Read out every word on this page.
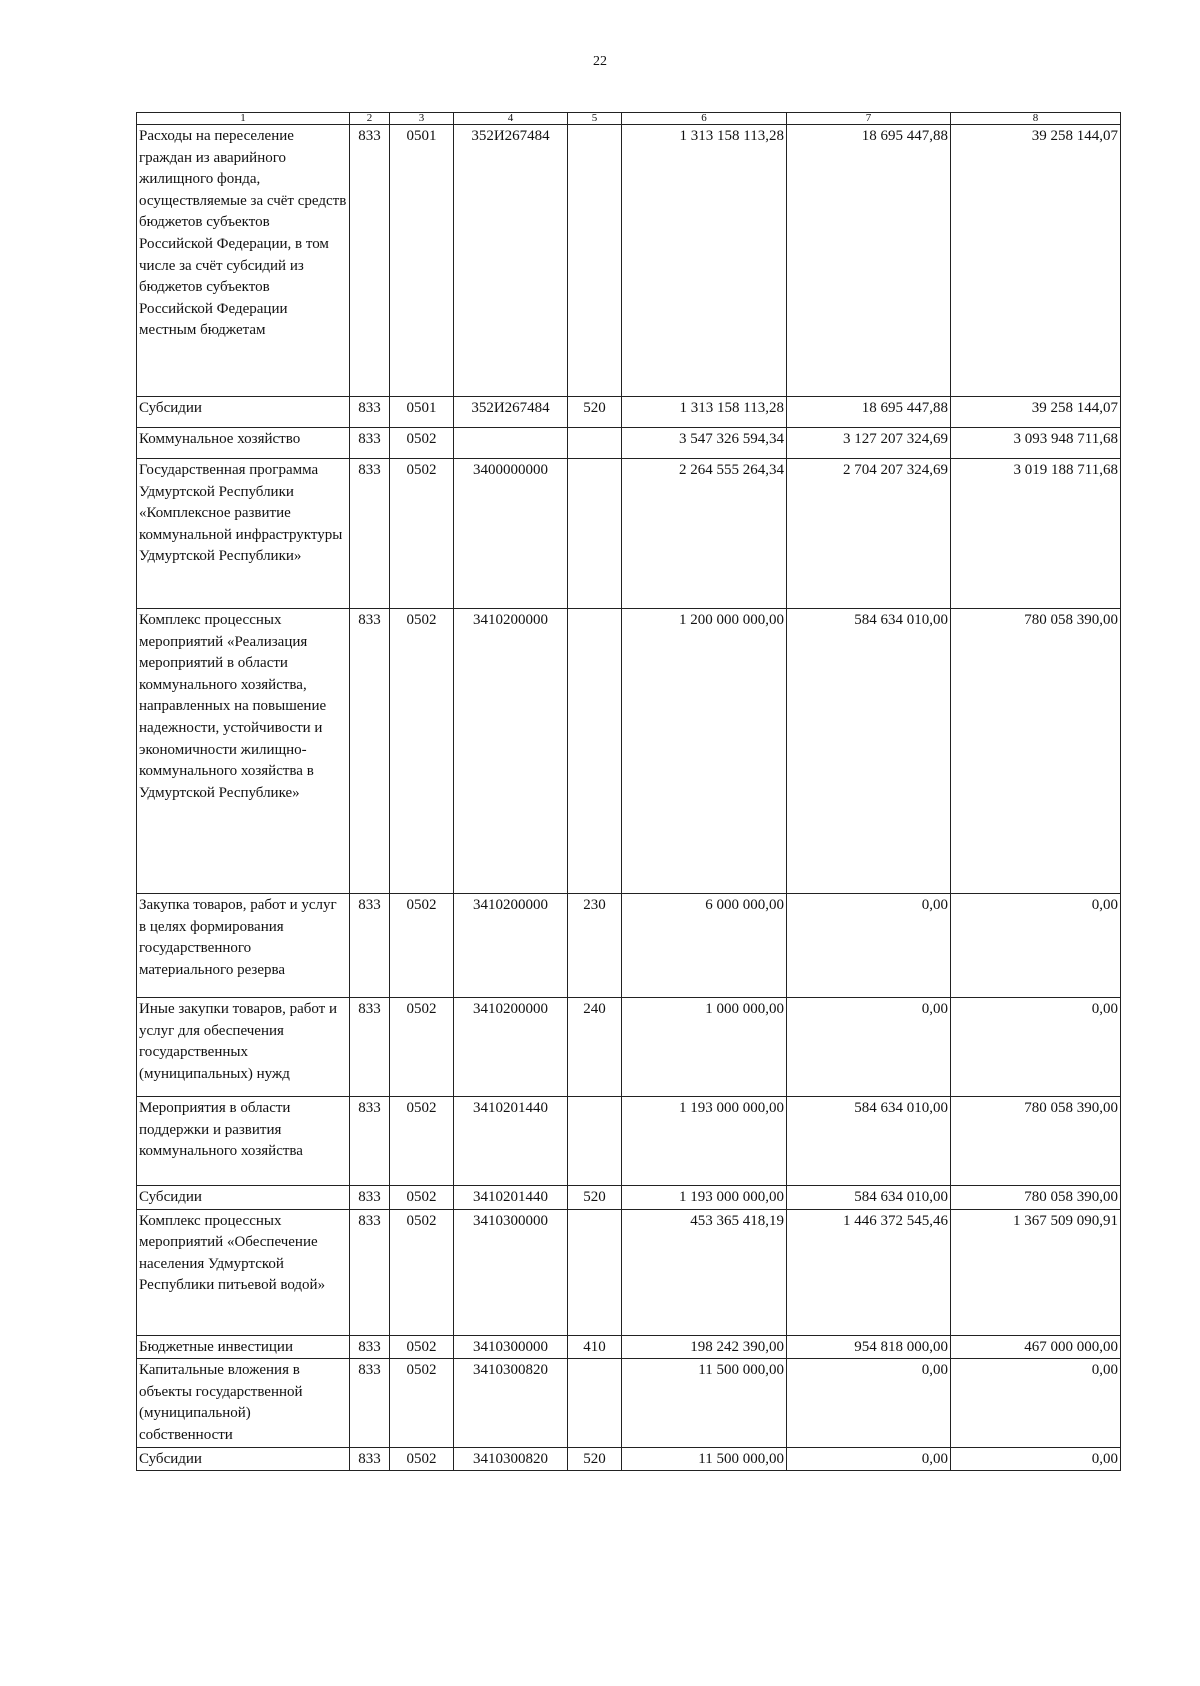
22
1	2	3	4	5	6	7	8
Расходы на переселение граждан из аварийного жилищного фонда, осуществляемые за счёт средств бюджетов субъектов Российской Федерации, в том числе за счёт субсидий из бюджетов субъектов Российской Федерации местным бюджетам	833	0501	352И267484		1 313 158 113,28	18 695 447,88	39 258 144,07
Субсидии	833	0501	352И267484	520	1 313 158 113,28	18 695 447,88	39 258 144,07
Коммунальное хозяйство	833	0502			3 547 326 594,34	3 127 207 324,69	3 093 948 711,68
Государственная программа Удмуртской Республики «Комплексное развитие коммунальной инфраструктуры Удмуртской Республики»	833	0502	3400000000		2 264 555 264,34	2 704 207 324,69	3 019 188 711,68
Комплекс процессных мероприятий «Реализация мероприятий в области коммунального хозяйства, направленных на повышение надежности, устойчивости и экономичности жилищно-коммунального хозяйства в Удмуртской Республике»	833	0502	3410200000		1 200 000 000,00	584 634 010,00	780 058 390,00
Закупка товаров, работ и услуг в целях формирования государственного материального резерва	833	0502	3410200000	230	6 000 000,00	0,00	0,00
Иные закупки товаров, работ и услуг для обеспечения государственных (муниципальных) нужд	833	0502	3410200000	240	1 000 000,00	0,00	0,00
Мероприятия в области поддержки и развития коммунального хозяйства	833	0502	3410201440		1 193 000 000,00	584 634 010,00	780 058 390,00
Субсидии	833	0502	3410201440	520	1 193 000 000,00	584 634 010,00	780 058 390,00
Комплекс процессных мероприятий «Обеспечение населения Удмуртской Республики питьевой водой»	833	0502	3410300000		453 365 418,19	1 446 372 545,46	1 367 509 090,91
Бюджетные инвестиции	833	0502	3410300000	410	198 242 390,00	954 818 000,00	467 000 000,00
Капитальные вложения в объекты государственной (муниципальной) собственности	833	0502	3410300820		11 500 000,00	0,00	0,00
Субсидии	833	0502	3410300820	520	11 500 000,00	0,00	0,00
